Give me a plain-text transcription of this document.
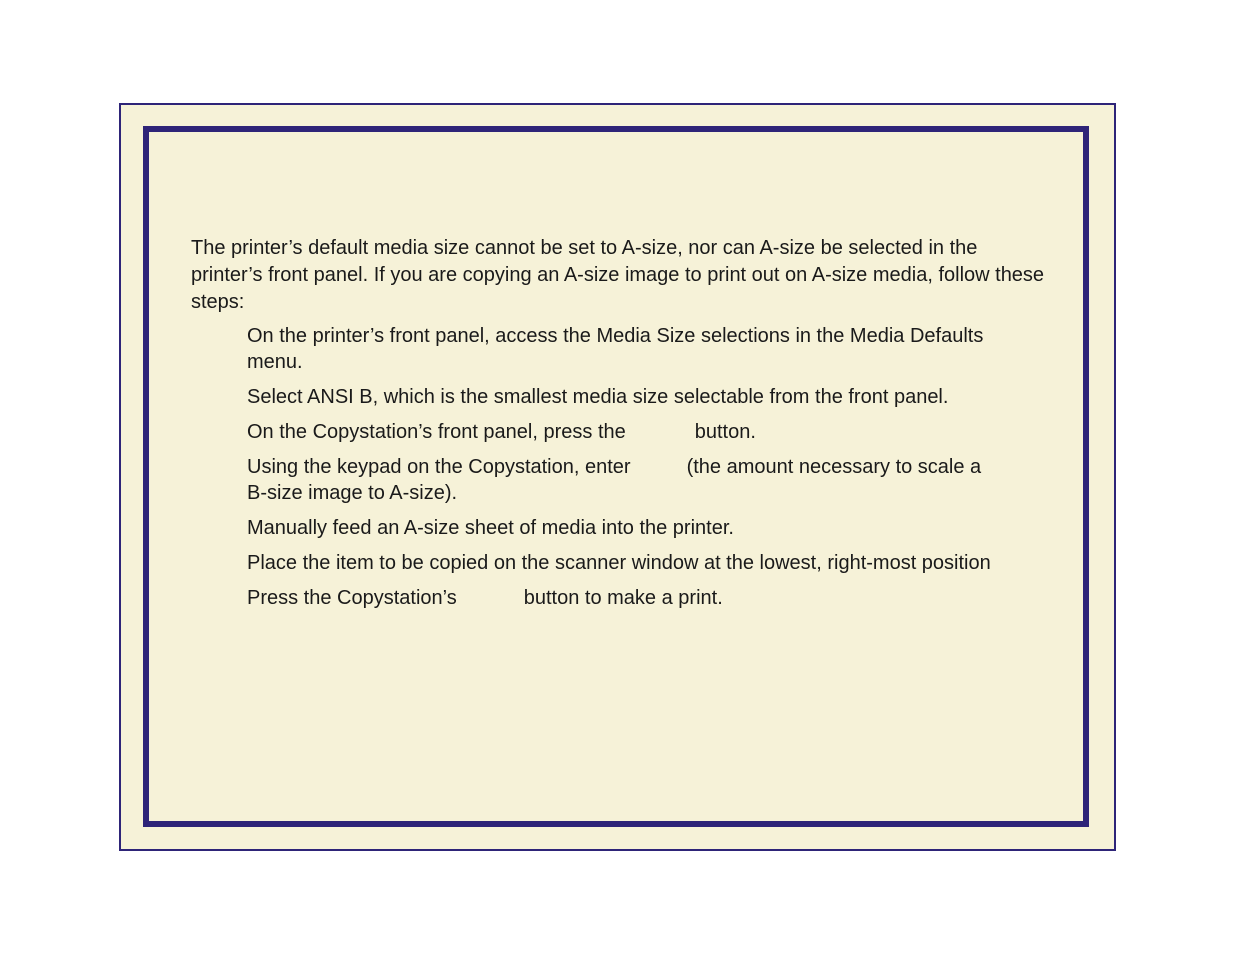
The printer’s default media size cannot be set to A-size, nor can A-size be selected in the printer’s front panel. If you are copying an A-size image to print out on A-size media, follow these steps:

On the printer’s front panel, access the Media Size selections in the Media Defaults menu.
Select ANSI B, which is the smallest media size selectable from the front panel.
On the Copystation’s front panel, press the	button.
Using the keypad on the Copystation, enter	(the amount necessary to scale a B-size image to A-size).
Manually feed an A-size sheet of media into the printer.
Place the item to be copied on the scanner window at the lowest, right-most position
Press the Copystation’s	button to make a print.
